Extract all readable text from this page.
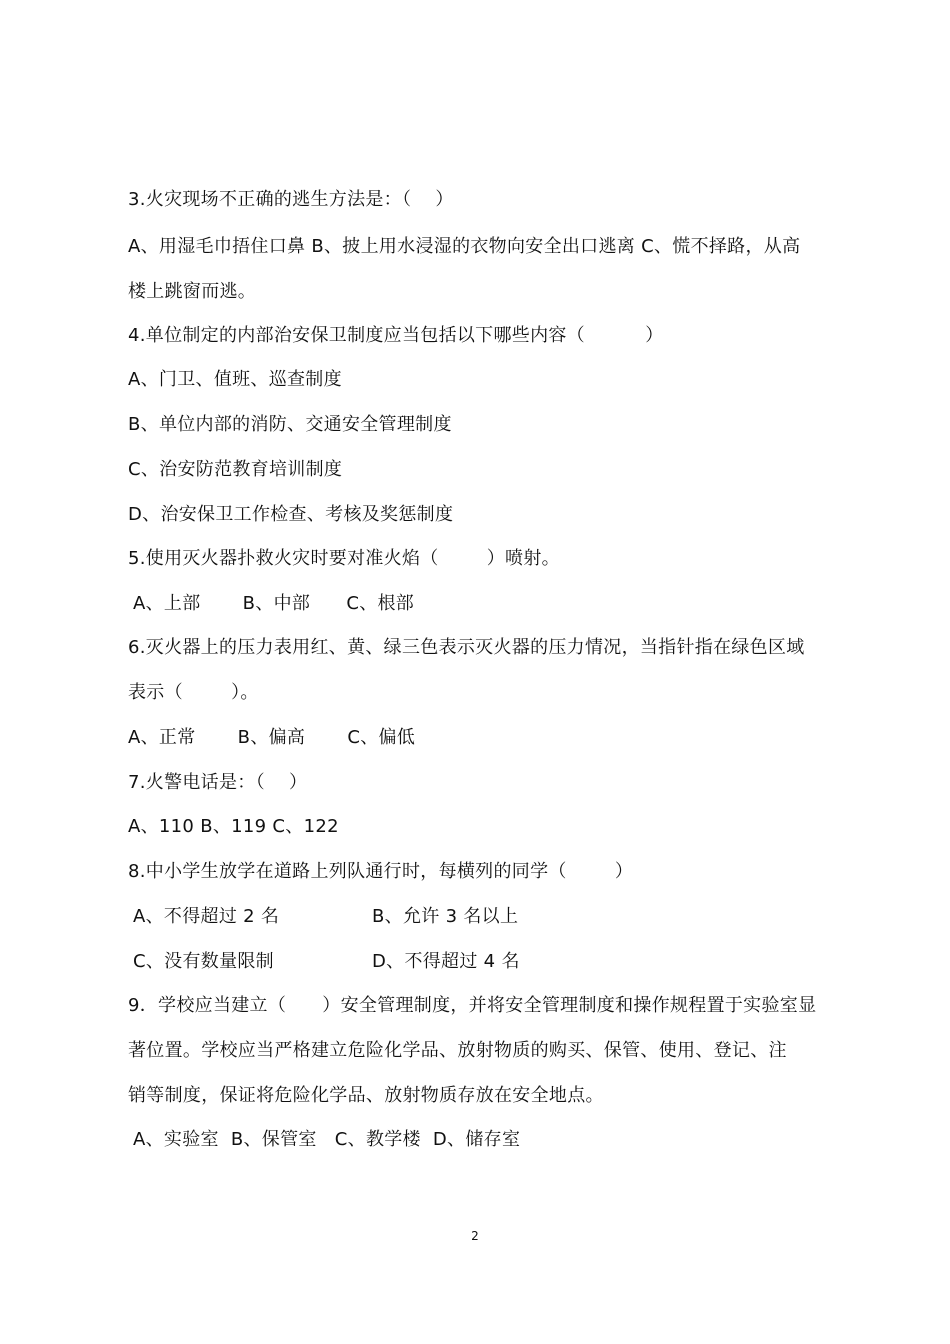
3.火灾现场不正确的逃生方法是：（    ）
A、用湿毛巾捂住口鼻 B、披上用水浸湿的衣物向安全出口逃离 C、慌不择路，从高
楼上跳窗而逃。
4.单位制定的内部治安保卫制度应当包括以下哪些内容（          ）
A、门卫、值班、巡查制度
B、单位内部的消防、交通安全管理制度
C、治安防范教育培训制度
D、治安保卫工作检查、考核及奖惩制度
5.使用灭火器扑救火灾时要对准火焰（        ）喷射。
A、上部       B、中部      C、根部
6.灭火器上的压力表用红、黄、绿三色表示灭火器的压力情况，当指针指在绿色区域
表示（        ）。
A、正常       B、偏高       C、偏低
7.火警电话是：（    ）
A、110 B、119 C、122
8.中小学生放学在道路上列队通行时，每横列的同学（        ）
A、不得超过 2 名	B、允许 3 名以上
C、没有数量限制	D、不得超过 4 名
9．学校应当建立（      ）安全管理制度，并将安全管理制度和操作规程置于实验室显
著位置。学校应当严格建立危险化学品、放射物质的购买、保管、使用、登记、注
销等制度，保证将危险化学品、放射物质存放在安全地点。
A、实验室  B、保管室   C、教学楼  D、储存室
2
